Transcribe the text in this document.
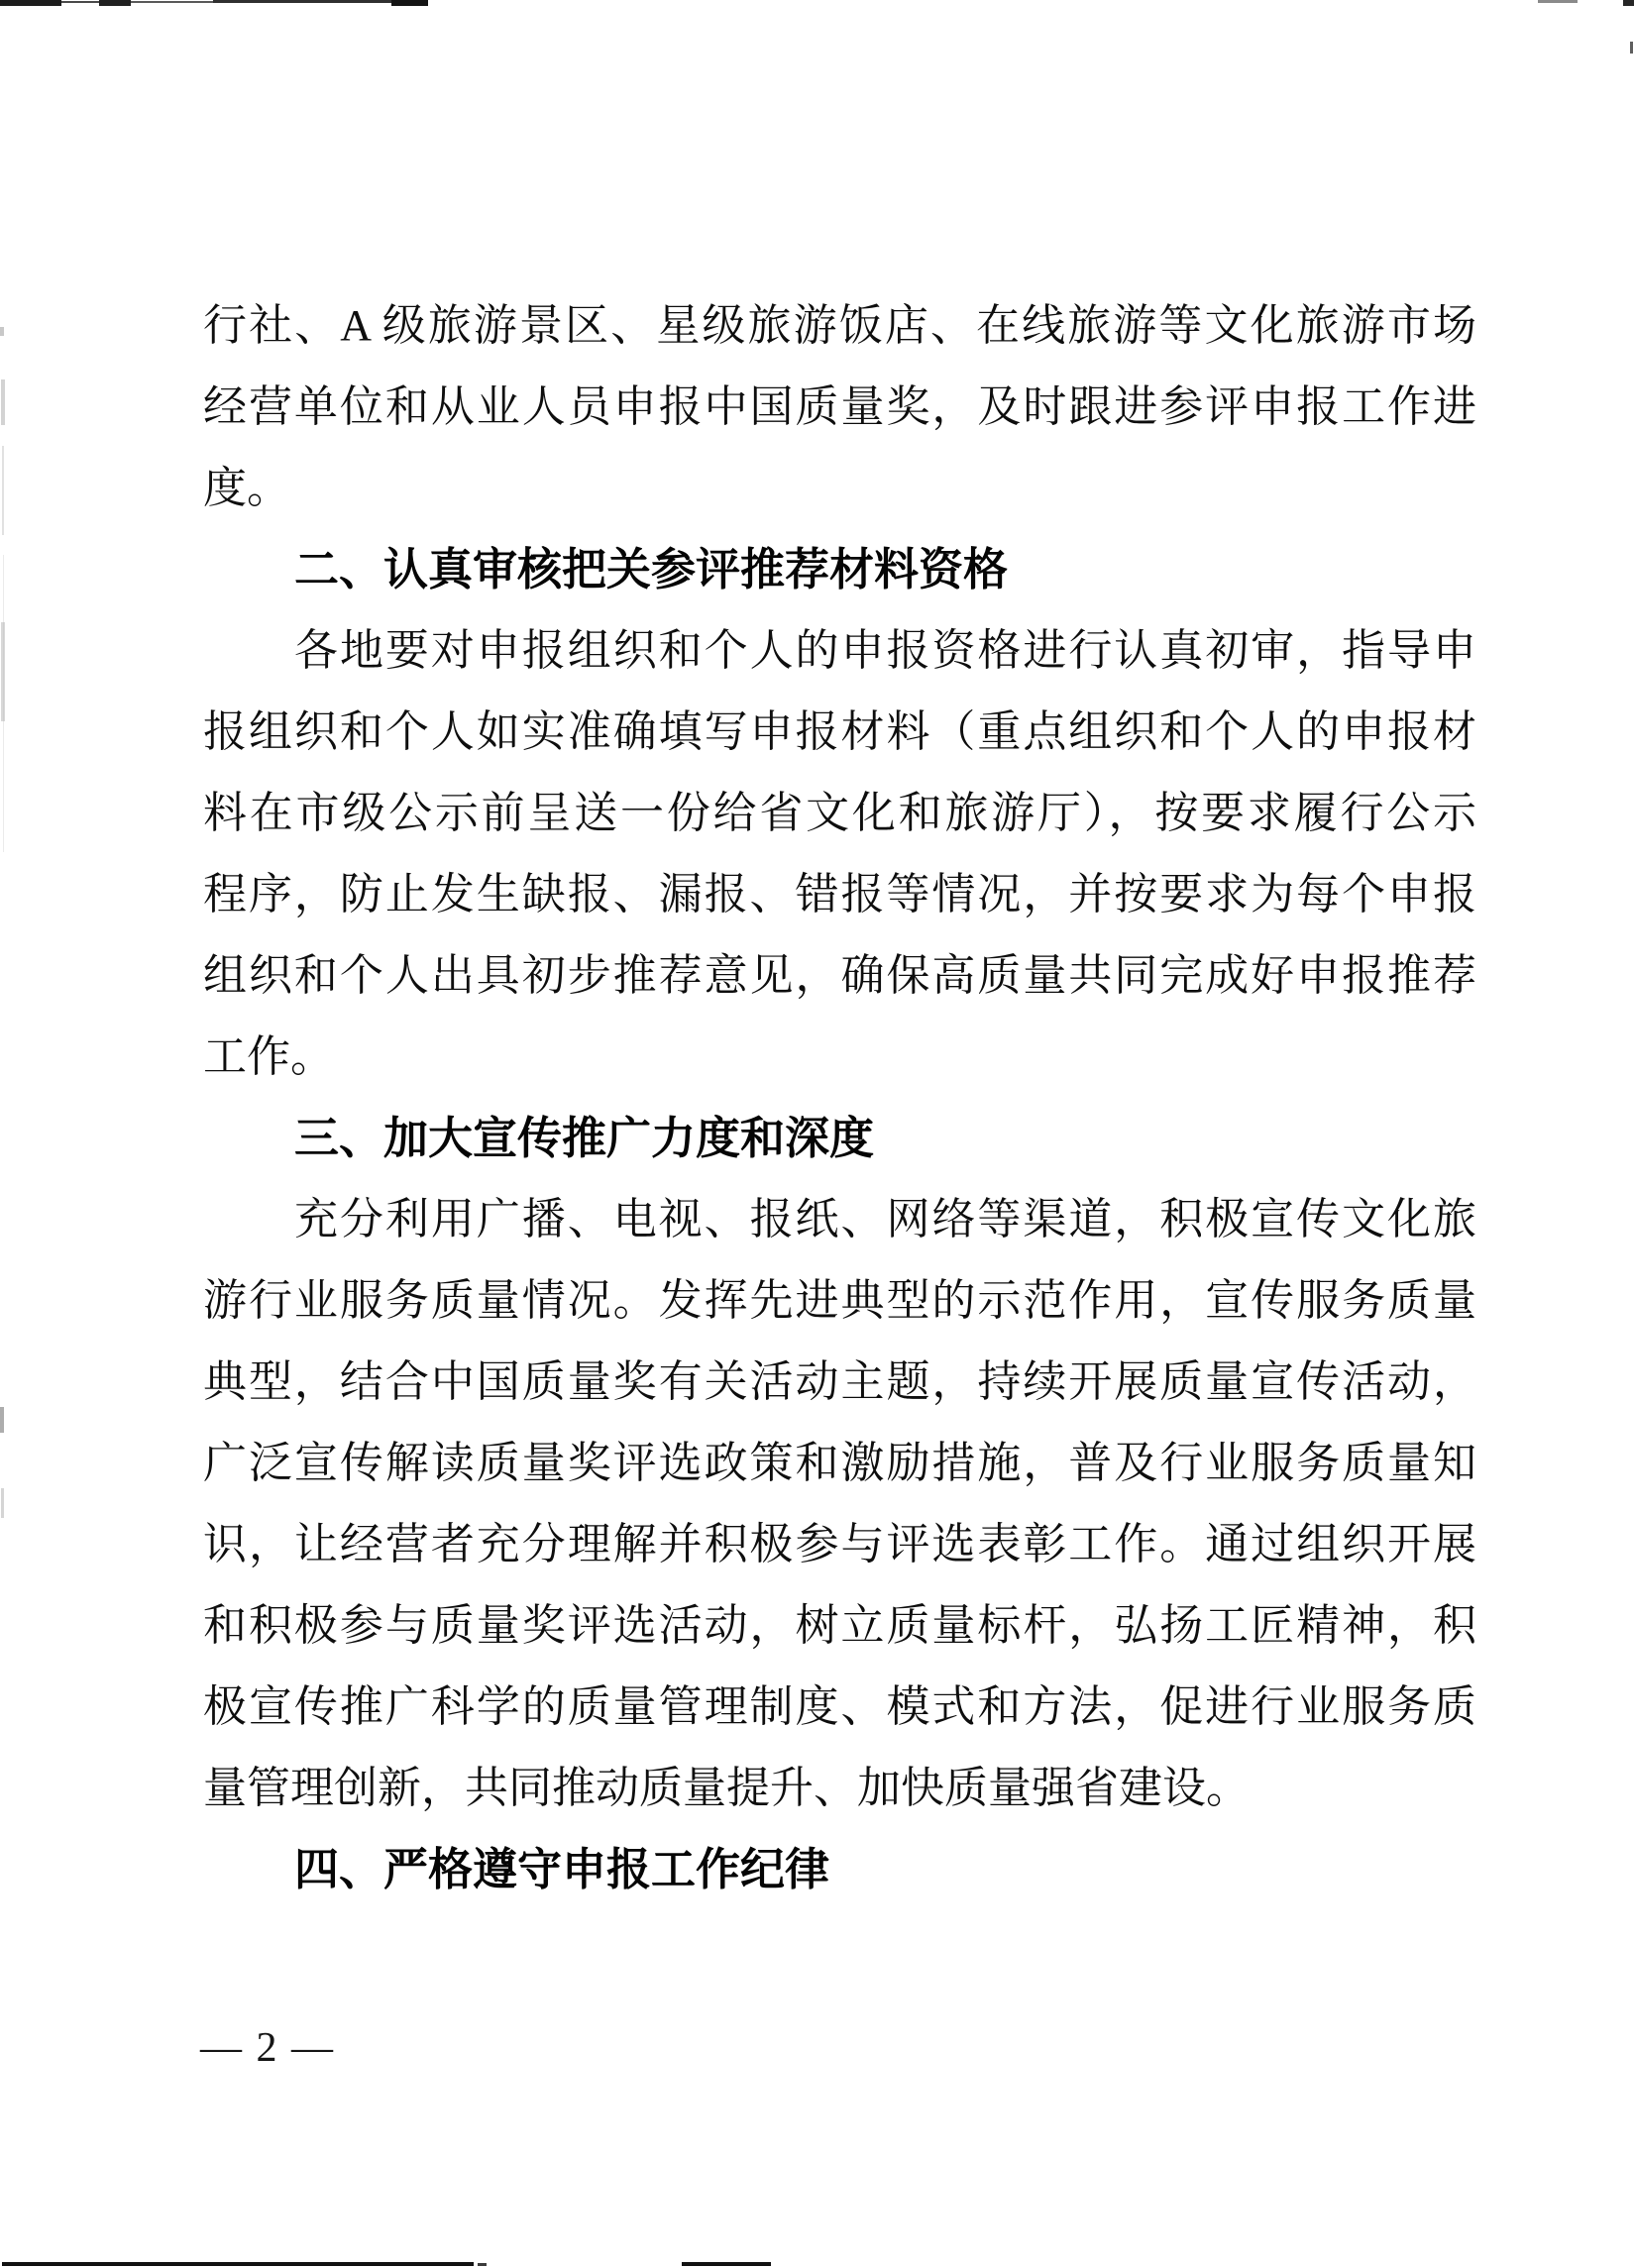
行社、A 级旅游景区、星级旅游饭店、在线旅游等文化旅游市场
经营单位和从业人员申报中国质量奖，及时跟进参评申报工作进
度。
二、认真审核把关参评推荐材料资格
各地要对申报组织和个人的申报资格进行认真初审，指导申
报组织和个人如实准确填写申报材料（重点组织和个人的申报材
料在市级公示前呈送一份给省文化和旅游厅），按要求履行公示
程序，防止发生缺报、漏报、错报等情况，并按要求为每个申报
组织和个人出具初步推荐意见，确保高质量共同完成好申报推荐
工作。
三、加大宣传推广力度和深度
充分利用广播、电视、报纸、网络等渠道，积极宣传文化旅
游行业服务质量情况。发挥先进典型的示范作用，宣传服务质量
典型，结合中国质量奖有关活动主题，持续开展质量宣传活动，
广泛宣传解读质量奖评选政策和激励措施，普及行业服务质量知
识，让经营者充分理解并积极参与评选表彰工作。通过组织开展
和积极参与质量奖评选活动，树立质量标杆，弘扬工匠精神，积
极宣传推广科学的质量管理制度、模式和方法，促进行业服务质
量管理创新，共同推动质量提升、加快质量强省建设。
四、严格遵守申报工作纪律
— 2 —
